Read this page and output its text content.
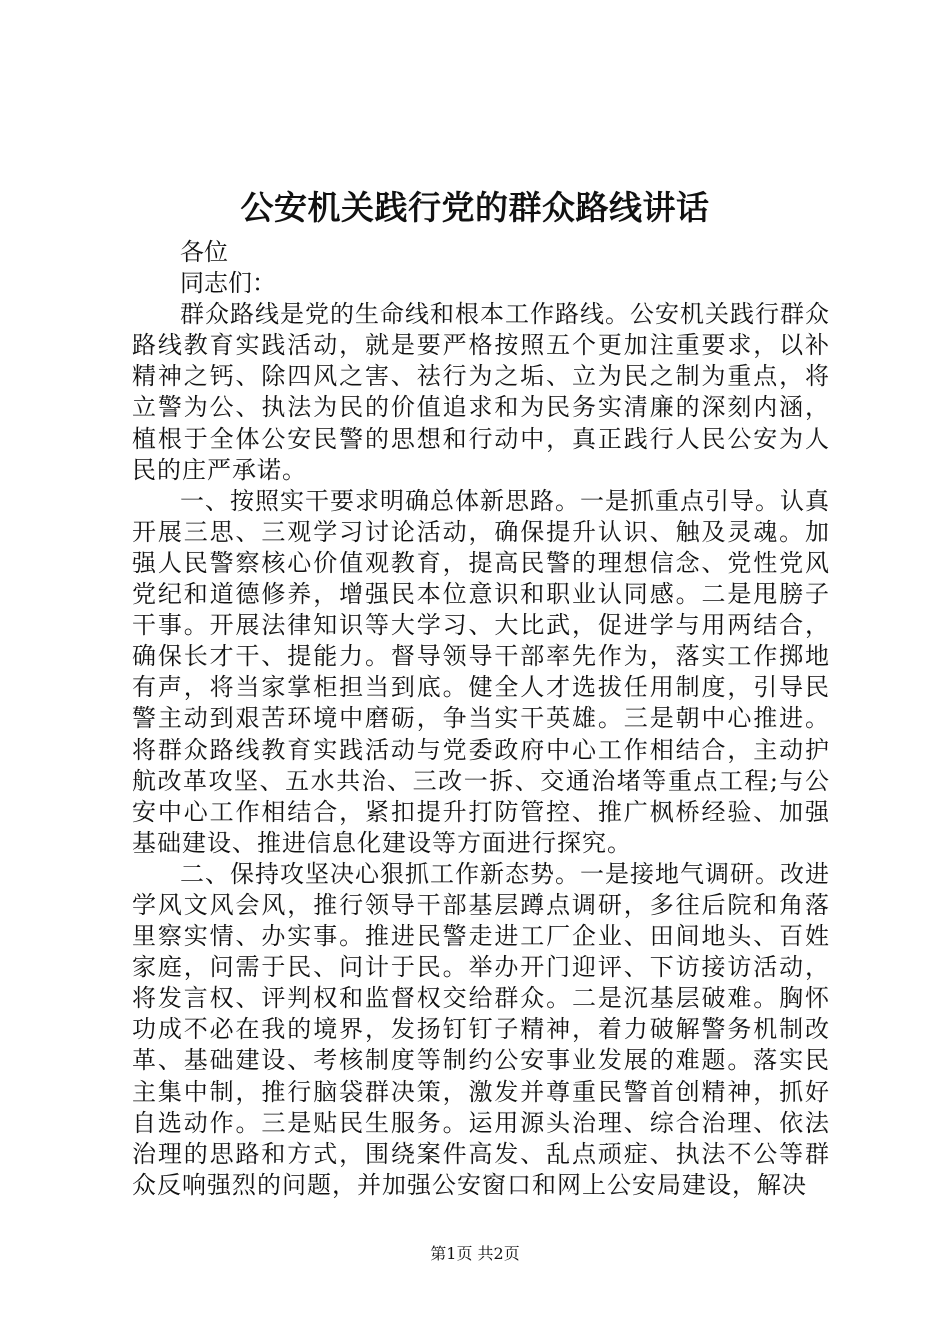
公安机关践行党的群众路线讲话

各位

同志们：

群众路线是党的生命线和根本工作路线。公安机关践行群众路线教育实践活动，就是要严格按照五个更加注重要求，以补精神之钙、除四风之害、祛行为之垢、立为民之制为重点，将立警为公、执法为民的价值追求和为民务实清廉的深刻内涵，植根于全体公安民警的思想和行动中，真正践行人民公安为人民的庄严承诺。

一、按照实干要求明确总体新思路。一是抓重点引导。认真开展三思、三观学习讨论活动，确保提升认识、触及灵魂。加强人民警察核心价值观教育，提高民警的理想信念、党性党风党纪和道德修养，增强民本位意识和职业认同感。二是甩膀子干事。开展法律知识等大学习、大比武，促进学与用两结合，确保长才干、提能力。督导领导干部率先作为，落实工作掷地有声，将当家掌柜担当到底。健全人才选拔任用制度，引导民警主动到艰苦环境中磨砺，争当实干英雄。三是朝中心推进。将群众路线教育实践活动与党委政府中心工作相结合，主动护航改革攻坚、五水共治、三改一拆、交通治堵等重点工程;与公安中心工作相结合，紧扣提升打防管控、推广枫桥经验、加强基础建设、推进信息化建设等方面进行探究。

二、保持攻坚决心狠抓工作新态势。一是接地气调研。改进学风文风会风，推行领导干部基层蹲点调研，多往后院和角落里察实情、办实事。推进民警走进工厂企业、田间地头、百姓家庭，问需于民、问计于民。举办开门迎评、下访接访活动，将发言权、评判权和监督权交给群众。二是沉基层破难。胸怀功成不必在我的境界，发扬钉钉子精神，着力破解警务机制改革、基础建设、考核制度等制约公安事业发展的难题。落实民主集中制，推行脑袋群决策，激发并尊重民警首创精神，抓好自选动作。三是贴民生服务。运用源头治理、综合治理、依法治理的思路和方式，围绕案件高发、乱点顽症、执法不公等群众反响强烈的问题，并加强公安窗口和网上公安局建设，解决

第1页 共2页
